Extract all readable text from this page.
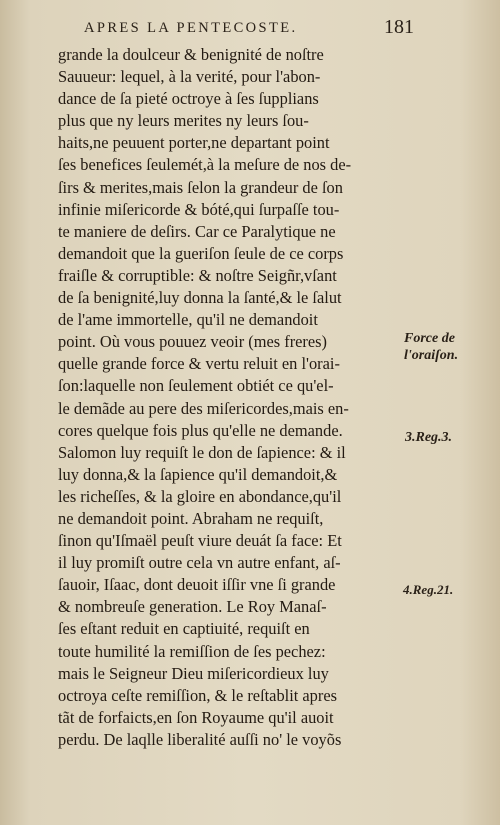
APRES LA PENTECOSTE.	181
grande la doulceur & benignité de noſtre
Sauueur: lequel, à la verité, pour l'abon-
dance de ſa pieté octroye à ſes ſupplians
plus que ny leurs merites ny leurs ſou-
haits,ne peuuent porter,ne departant point
ſes benefices ſeulemét,à la meſure de nos de-
ſirs & merites,mais ſelon la grandeur de ſon
infinie miſericorde & bóté,qui ſurpaſſe tou-
te maniere de deſirs. Car ce Paralytique ne
demandoit que la gueriſon ſeule de ce corps
fraiſle & corruptible: & noſtre Seigñr,vſant
de ſa benignité,luy donna la ſanté,& le ſalut
de l'ame immortelle, qu'il ne demandoit
point. Où vous pouuez veoir (mes freres)
quelle grande force & vertu reluit en l'orai-
ſon:laquelle non ſeulement obtiét ce qu'el-
le demãde au pere des miſericordes,mais en-
cores quelque fois plus qu'elle ne demande.
Salomon luy requiſt le don de ſapience: & il
luy donna,& la ſapience qu'il demandoit,&
les richeſſes, & la gloire en abondance,qu'il
ne demandoit point. Abraham ne requiſt,
ſinon qu'Iſmaël peuſt viure deuát ſa face: Et
il luy promiſt outre cela vn autre enfant, aſ-
ſauoir, Iſaac, dont deuoit iſſir vne ſi grande
& nombreuſe generation. Le Roy Manaſ-
ſes eſtant reduit en captiuité, requiſt en
toute humilité la remiſſion de ſes pechez:
mais le Seigneur Dieu miſericordieux luy
octroya ceſte remiſſion, & le reſtablit apres
tãt de forfaicts,en ſon Royaume qu'il auoit
perdu. De laqlle liberalité auſſi no' le voyõs
Force de
l'oraiſon.
3.Reg.3.
4.Reg.21.
